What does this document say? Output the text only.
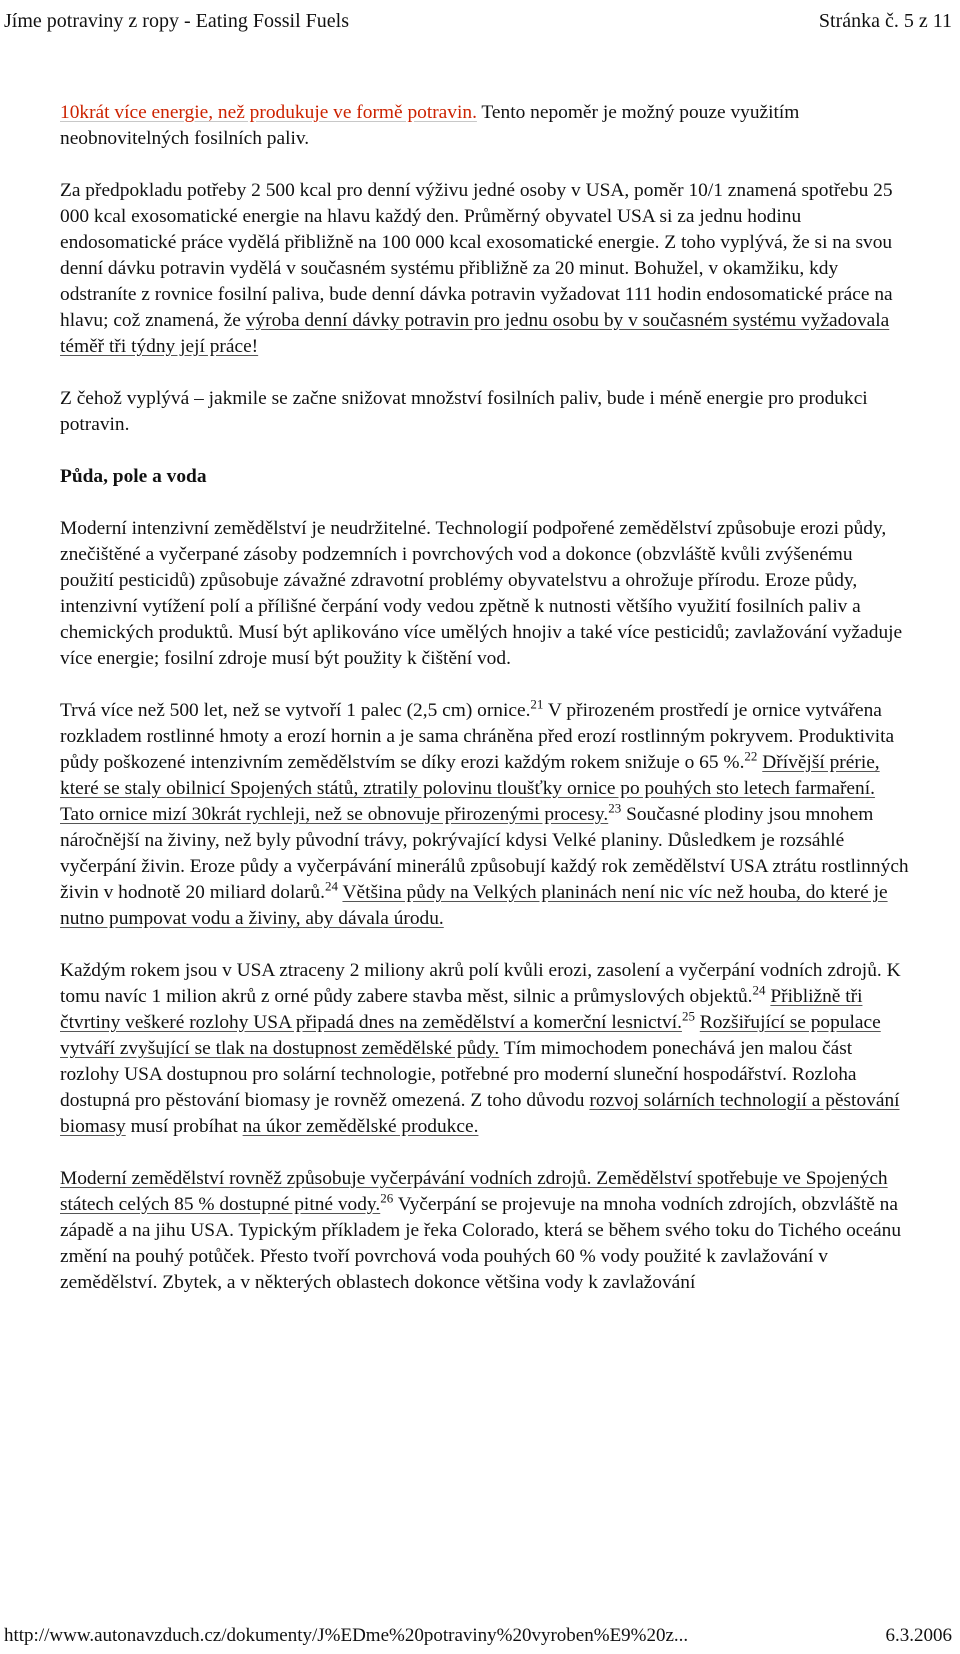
Jíme potraviny z ropy - Eating Fossil Fuels	Stránka č. 5 z 11

10krát více energie, než produkuje ve formě potravin. Tento nepoměr je možný pouze využitím neobnovitelných fosilních paliv.

Za předpokladu potřeby 2 500 kcal pro denní výživu jedné osoby v USA, poměr 10/1 znamená spotřebu 25 000 kcal exosomatické energie na hlavu každý den. Průměrný obyvatel USA si za jednu hodinu endosomatické práce vydělá přibližně na 100 000 kcal exosomatické energie. Z toho vyplývá, že si na svou denní dávku potravin vydělá v současném systému přibližně za 20 minut. Bohužel, v okamžiku, kdy odstraníte z rovnice fosilní paliva, bude denní dávka potravin vyžadovat 111 hodin endosomatické práce na hlavu; což znamená, že výroba denní dávky potravin pro jednu osobu by v současném systému vyžadovala téměř tři týdny její práce!

Z čehož vyplývá – jakmile se začne snižovat množství fosilních paliv, bude i méně energie pro produkci potravin.

Půda, pole a voda

Moderní intenzivní zemědělství je neudržitelné. Technologií podpořené zemědělství způsobuje erozi půdy, znečištěné a vyčerpané zásoby podzemních i povrchových vod a dokonce (obzvláště kvůli zvýšenému použití pesticidů) způsobuje závažné zdravotní problémy obyvatelstvu a ohrožuje přírodu. Eroze půdy, intenzivní vytížení polí a přílišné čerpání vody vedou zpětně k nutnosti většího využití fosilních paliv a chemických produktů. Musí být aplikováno více umělých hnojiv a také více pesticidů; zavlažování vyžaduje více energie; fosilní zdroje musí být použity k čištění vod.

Trvá více než 500 let, než se vytvoří 1 palec (2,5 cm) ornice.$^{21}$ V přirozeném prostředí je ornice vytvářena rozkladem rostlinné hmoty a erozí hornin a je sama chráněna před erozí rostlinným pokryvem. Produktivita půdy poškozené intenzivním zemědělstvím se díky erozi každým rokem snižuje o 65 %.$^{22}$ Dřívější prérie, které se staly obilnicí Spojených států, ztratily polovinu tloušťky ornice po pouhých sto letech farmaření. Tato ornice mizí 30krát rychleji, než se obnovuje přirozenými procesy.$^{23}$ Současné plodiny jsou mnohem náročnější na živiny, než byly původní trávy, pokrývající kdysi Velké planiny. Důsledkem je rozsáhlé vyčerpání živin. Eroze půdy a vyčerpávání minerálů způsobují každý rok zemědělství USA ztrátu rostlinných živin v hodnotě 20 miliard dolarů.$^{24}$ Většina půdy na Velkých planinách není nic víc než houba, do které je nutno pumpovat vodu a živiny, aby dávala úrodu.

Každým rokem jsou v USA ztraceny 2 miliony akrů polí kvůli erozi, zasolení a vyčerpání vodních zdrojů. K tomu navíc 1 milion akrů z orné půdy zabere stavba měst, silnic a průmyslových objektů.$^{24}$ Přibližně tři čtvrtiny veškeré rozlohy USA připadá dnes na zemědělství a komerční lesnictví.$^{25}$ Rozšiřující se populace vytváří zvyšující se tlak na dostupnost zemědělské půdy. Tím mimochodem ponechává jen malou část rozlohy USA dostupnou pro solární technologie, potřebné pro moderní sluneční hospodářství. Rozloha dostupná pro pěstování biomasy je rovněž omezená. Z toho důvodu rozvoj solárních technologií a pěstování biomasy musí probíhat na úkor zemědělské produkce.

Moderní zemědělství rovněž způsobuje vyčerpávání vodních zdrojů. Zemědělství spotřebuje ve Spojených státech celých 85 % dostupné pitné vody.$^{26}$ Vyčerpání se projevuje na mnoha vodních zdrojích, obzvláště na západě a na jihu USA. Typickým příkladem je řeka Colorado, která se během svého toku do Tichého oceánu změní na pouhý potůček. Přesto tvoří povrchová voda pouhých 60 % vody použité k zavlažování v zemědělství. Zbytek, a v některých oblastech dokonce většina vody k zavlažování

http://www.autonavzduch.cz/dokumenty/J%EDme%20potraviny%20vyroben%E9%20z...	6.3.2006
